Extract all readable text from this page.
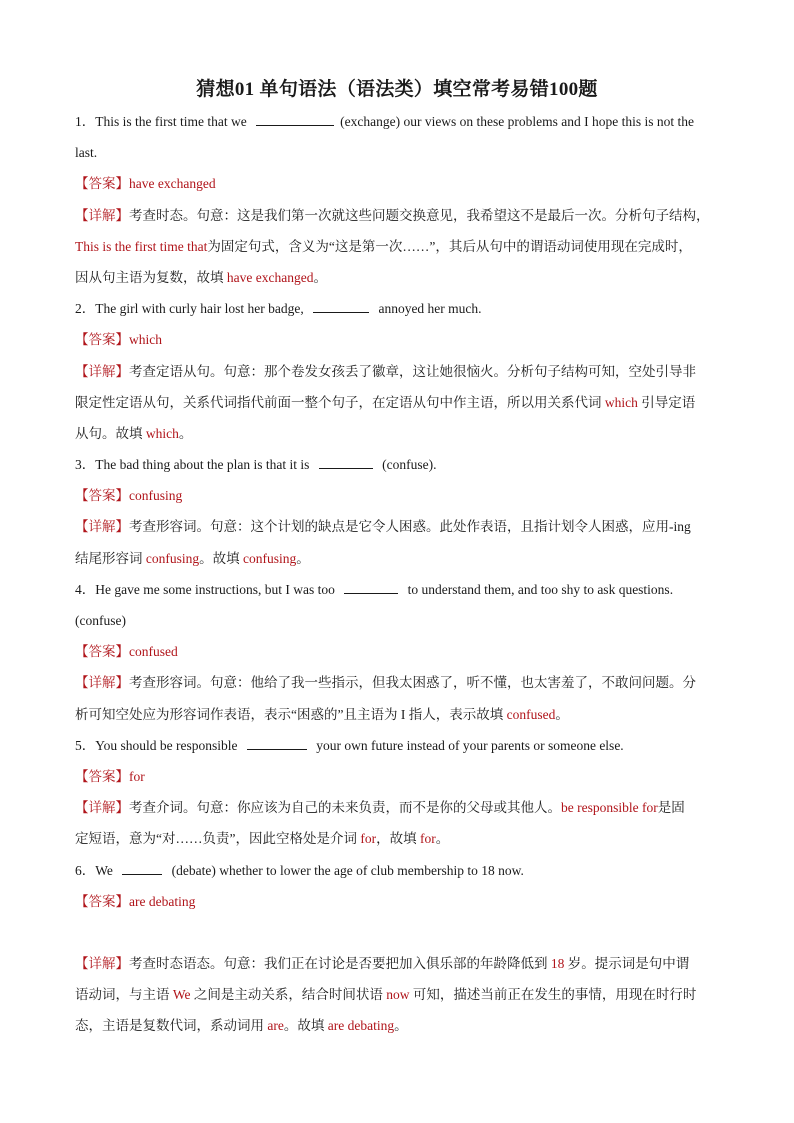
猜想01 单句语法（语法类）填空常考易错100题
1．This is the first time that we	(exchange) our views on these problems and I hope this is not the
last.
【答案】have exchanged
【详解】考查时态。句意：这是我们第一次就这些问题交换意见，我希望这不是最后一次。分析句子结构，
This is the first time that为固定句式，含义为“这是第一次……”，其后从句中的谓语动词使用现在完成时，
因从句主语为复数，故填 have exchanged。
2．The girl with curly hair lost her badge,	annoyed her much.
【答案】which
【详解】考查定语从句。句意：那个卷发女孩丢了徽章，这让她很恼火。分析句子结构可知，空处引导非
限定性定语从句，关系代词指代前面一整个句子，在定语从句中作主语，所以用关系代词 which 引导定语
从句。故填 which。
3．The bad thing about the plan is that it is	(confuse).
【答案】confusing
【详解】考查形容词。句意：这个计划的缺点是它令人困惑。此处作表语，且指计划令人困惑，应用-ing
结尾形容词 confusing。故填 confusing。
4．He gave me some instructions, but I was too	to understand them, and too shy to ask questions.
(confuse)
【答案】confused
【详解】考查形容词。句意：他给了我一些指示，但我太困惑了，听不懂，也太害羞了，不敢问问题。分
析可知空处应为形容词作表语，表示“困惑的”且主语为 I 指人，表示故填 confused。
5．You should be responsible	your own future instead of your parents or someone else.
【答案】for
【详解】考查介词。句意：你应该为自己的未来负责，而不是你的父母或其他人。be responsible for是固
定短语，意为“对……负责”，因此空格处是介词 for，故填 for。
6．We	(debate) whether to lower the age of club membership to 18 now.
【答案】are debating
【详解】考查时态语态。句意：我们正在讨论是否要把加入俱乐部的年龄降低到 18 岁。提示词是句中谓
语动词，与主语 We 之间是主动关系，结合时间状语 now 可知，描述当前正在发生的事情，用现在时行时
态，主语是复数代词，系动词用 are。故填 are debating。
